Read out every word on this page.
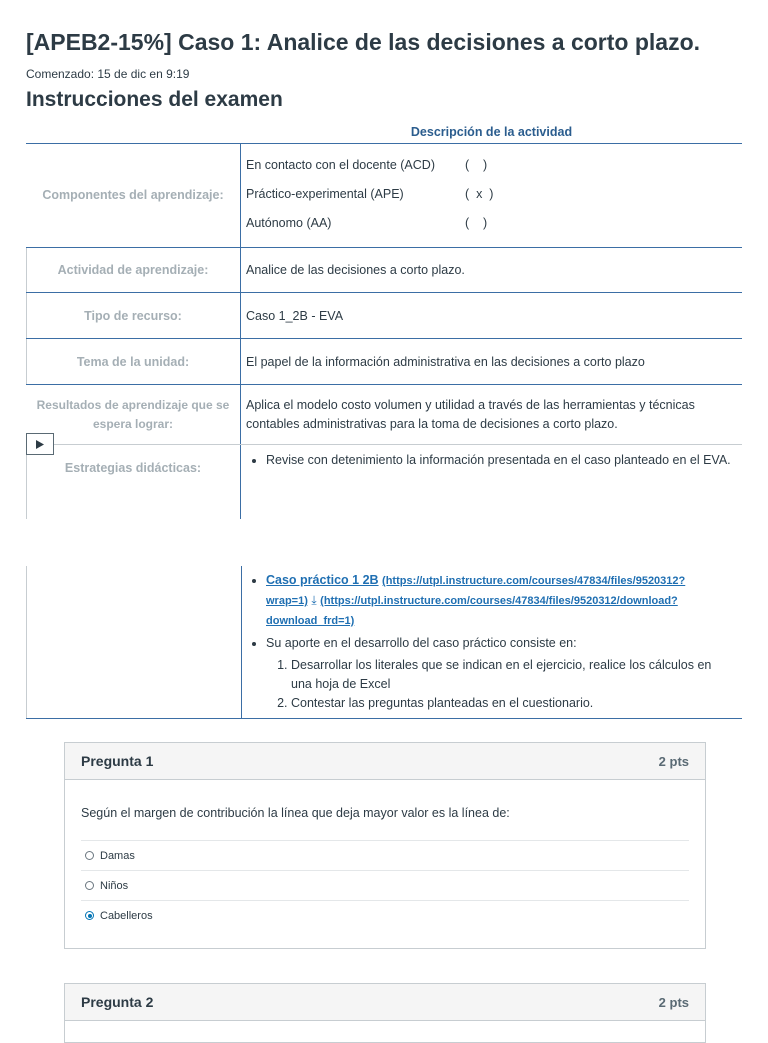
[APEB2-15%] Caso 1: Analice de las decisiones a corto plazo.
Comenzado: 15 de dic en 9:19
Instrucciones del examen
Descripción de la actividad
Componentes del aprendizaje:
En contacto con el docente (ACD) (    )
Práctico-experimental (APE)	(  x  )
Autónomo (AA)	(    )
Actividad de aprendizaje:	Analice de las decisiones a corto plazo.
Tipo de recurso:	Caso 1_2B - EVA
Tema de la unidad:	El papel de la información administrativa en las decisiones a corto plazo
Resultados de aprendizaje que se espera lograr:
Aplica el modelo costo volumen y utilidad a través de las herramientas y técnicas contables administrativas para la toma de decisiones a corto plazo.
Estrategias didácticas:
• Revise con detenimiento la información presentada en el caso planteado en el EVA.
• Caso práctico 1 2B (https://utpl.instructure.com/courses/47834/files/9520312?wrap=1) ⤓ (https://utpl.instructure.com/courses/47834/files/9520312/download?download_frd=1)
• Su aporte en el desarrollo del caso práctico consiste en:
1. Desarrollar los literales que se indican en el ejercicio, realice los cálculos en una hoja de Excel
2. Contestar las preguntas planteadas en el cuestionario.
Pregunta 1	2 pts
Según el margen de contribución la línea que deja mayor valor es la línea de:
Damas
Niños
Cabelleros
Pregunta 2	2 pts
